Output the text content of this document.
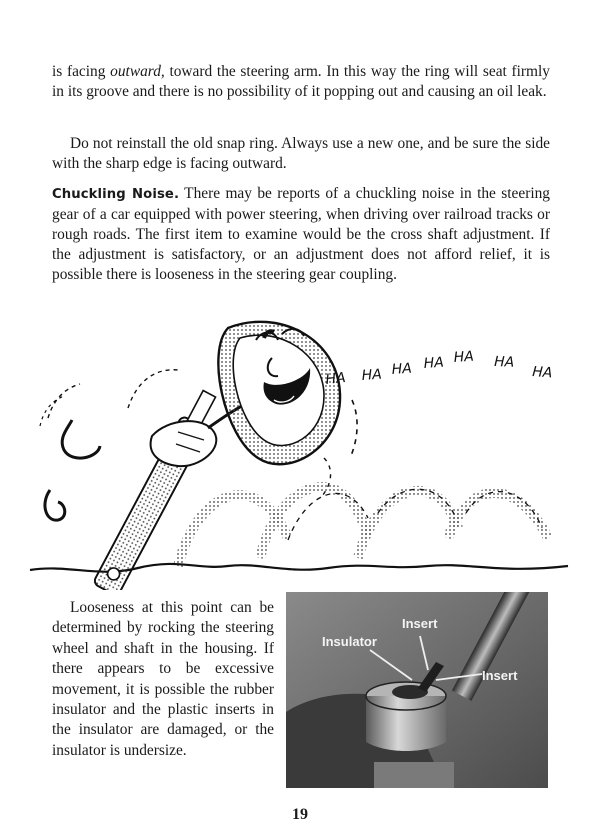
is facing outward, toward the steering arm. In this way the ring will seat firmly in its groove and there is no possibility of it popping out and causing an oil leak.

Do not reinstall the old snap ring. Always use a new one, and be sure the side with the sharp edge is facing outward.

Chuckling Noise. There may be reports of a chuckling noise in the steering gear of a car equipped with power steering, when driving over railroad tracks or rough roads. The first item to examine would be the cross shaft adjustment. If the adjustment is satisfactory, or an adjustment does not afford relief, it is possible there is looseness in the steering gear coupling.

HA HA HA HA HA HA
HA

Looseness at this point can be determined by rocking the steering wheel and shaft in the housing. If there appears to be excessive movement, it is possible the rubber insulator and the plastic inserts in the insulator are damaged, or the insulator is undersize.

Insert
Insulator
Insert
19
